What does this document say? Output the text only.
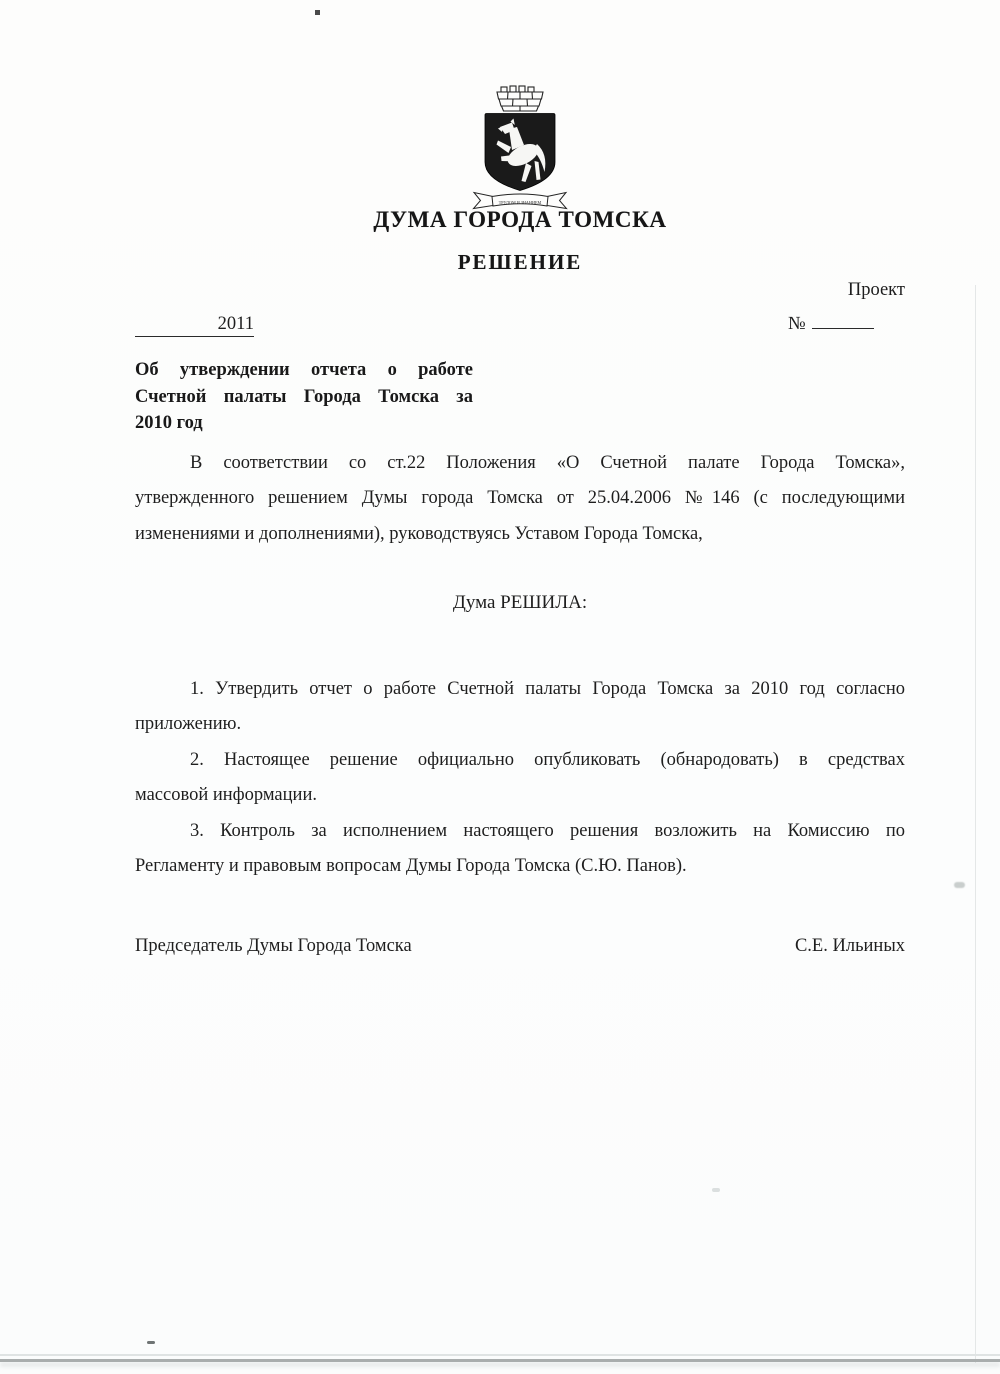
ТРУДОМ И ЗНАНИЕМ
ДУМА ГОРОДА ТОМСКА
РЕШЕНИЕ
Проект
№
2011
Об утверждении отчета о работе
Счетной палаты Города Томска за
2010 год
В соответствии со ст.22 Положения «О Счетной палате Города Томска»,
утвержденного решением Думы города Томска от 25.04.2006 №146 (с последующими
изменениями и дополнениями), руководствуясь Уставом Города Томска,
Дума РЕШИЛА:
1. Утвердить отчет о работе Счетной палаты Города Томска за 2010 год согласно
приложению.
2. Настоящее решение официально опубликовать (обнародовать) в средствах
массовой информации.
3. Контроль за исполнением настоящего решения возложить на Комиссию по
Регламенту и правовым вопросам Думы Города Томска (С.Ю. Панов).
Председатель Думы Города Томска	С.Е. Ильиных
